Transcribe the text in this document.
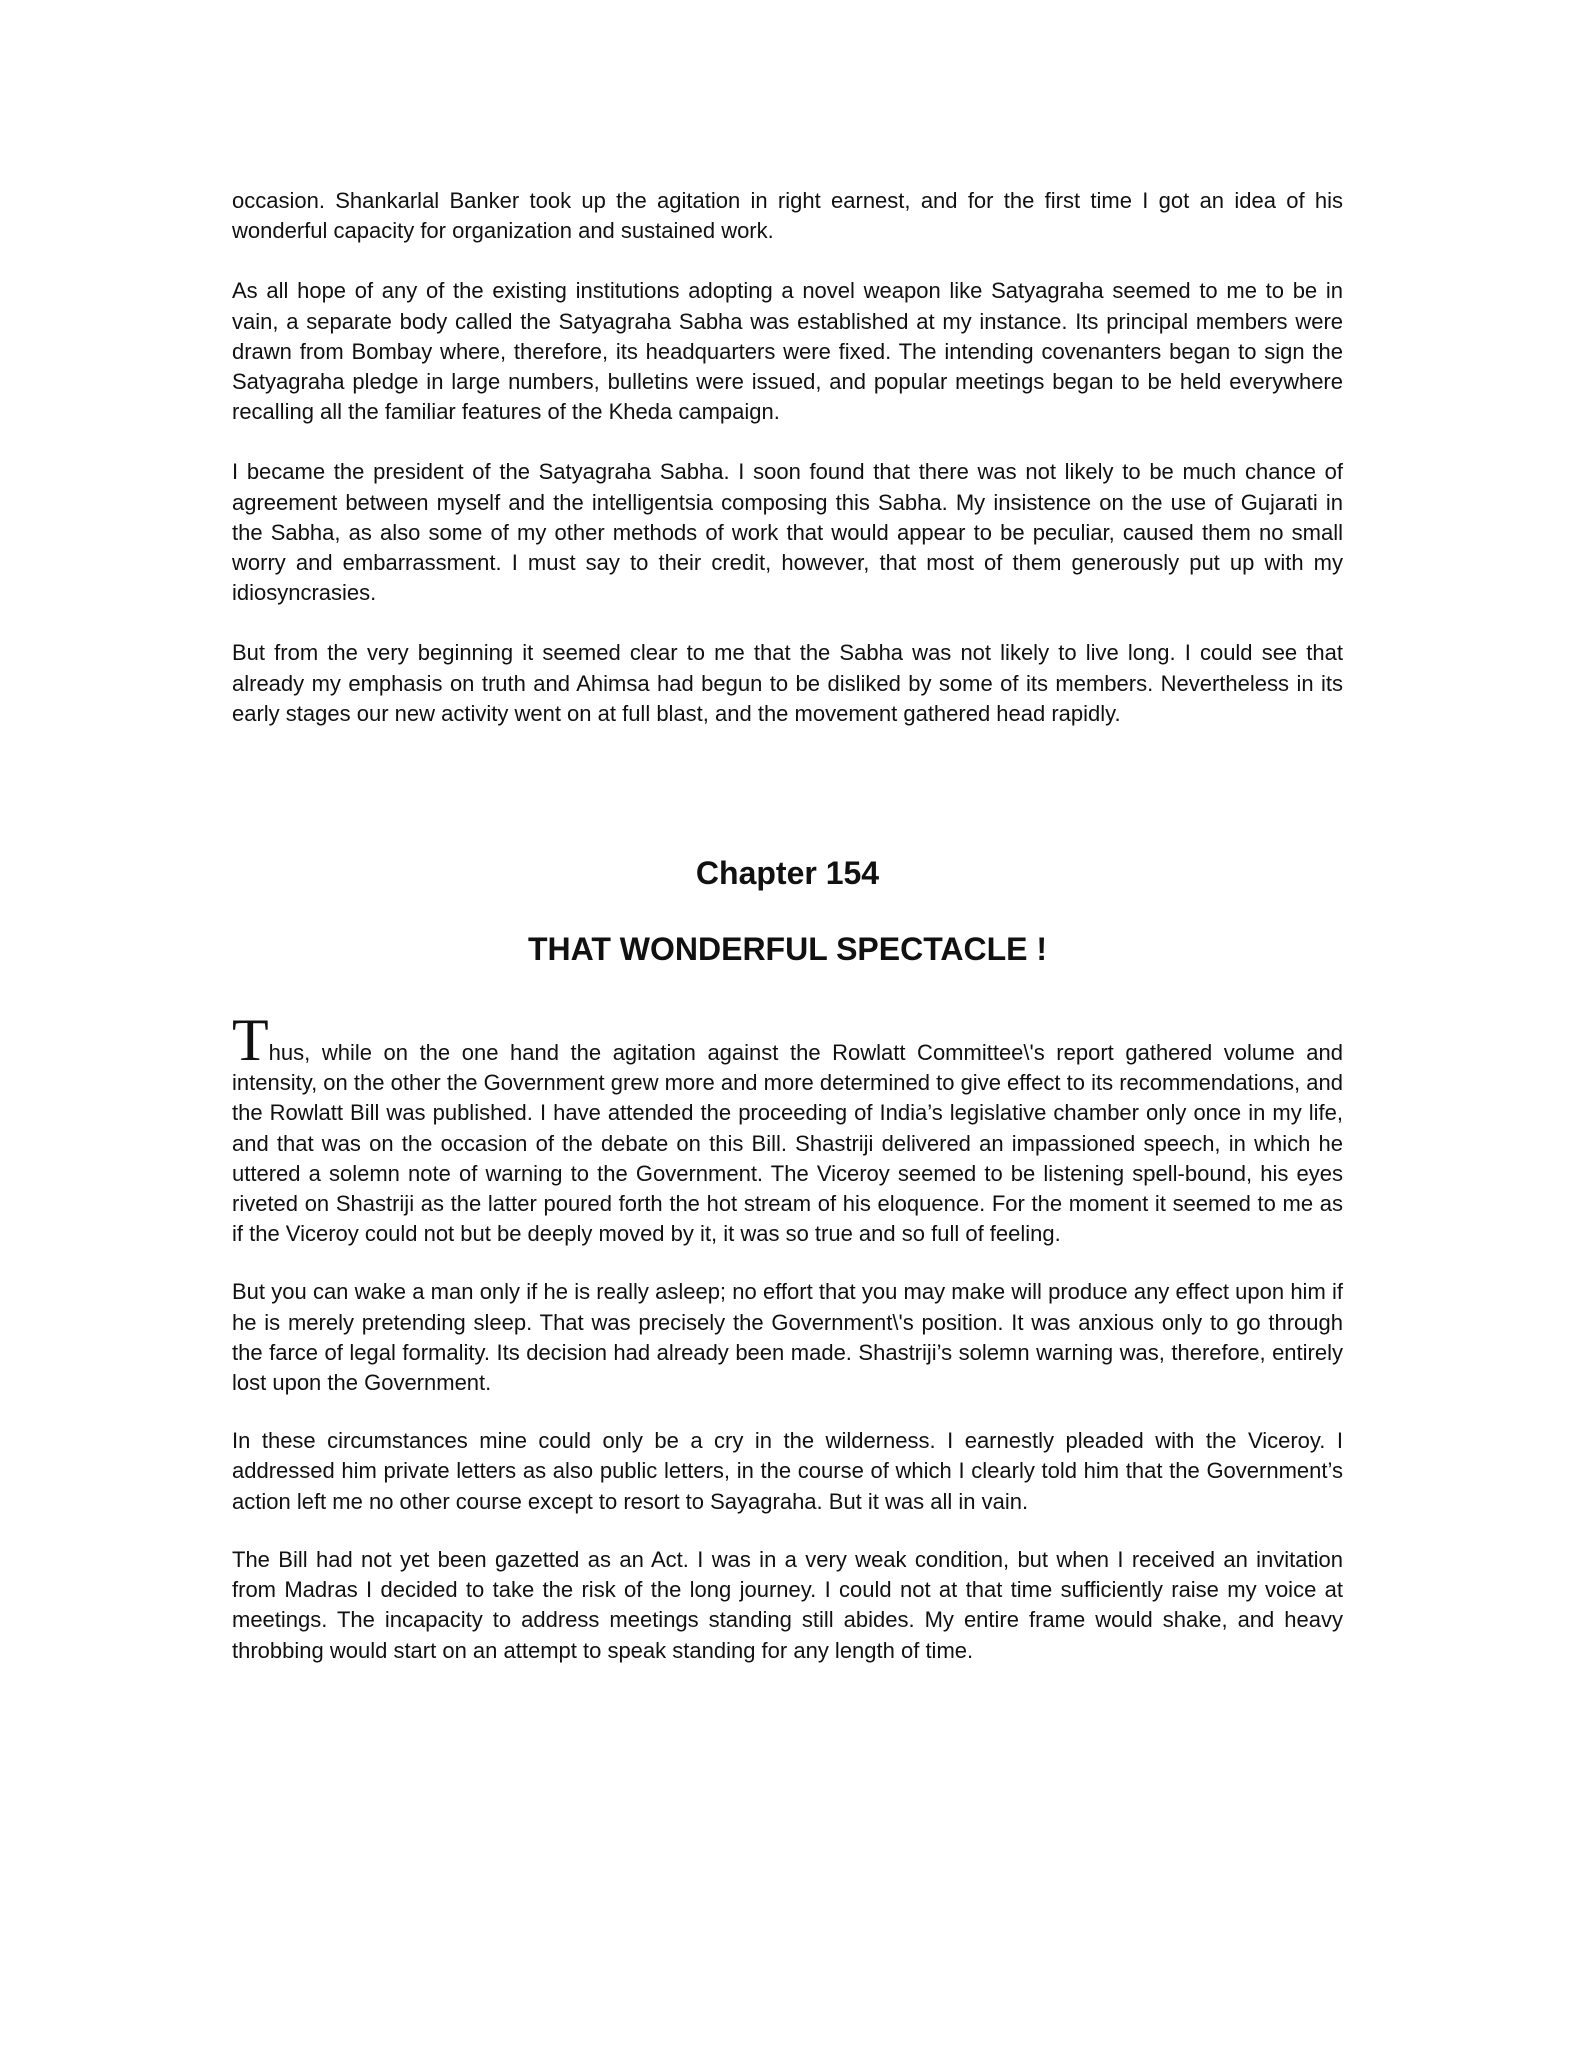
occasion. Shankarlal Banker took up the agitation in right earnest, and for the first time I got an idea of his wonderful capacity for organization and sustained work.

As all hope of any of the existing institutions adopting a novel weapon like Satyagraha seemed to me to be in vain, a separate body called the Satyagraha Sabha was established at my instance. Its principal members were drawn from Bombay where, therefore, its headquarters were fixed. The intending covenanters began to sign the Satyagraha pledge in large numbers, bulletins were issued, and popular meetings began to be held everywhere recalling all the familiar features of the Kheda campaign.

I became the president of the Satyagraha Sabha. I soon found that there was not likely to be much chance of agreement between myself and the intelligentsia composing this Sabha. My insistence on the use of Gujarati in the Sabha, as also some of my other methods of work that would appear to be peculiar, caused them no small worry and embarrassment. I must say to their credit, however, that most of them generously put up with my idiosyncrasies.

But from the very beginning it seemed clear to me that the Sabha was not likely to live long. I could see that already my emphasis on truth and Ahimsa had begun to be disliked by some of its members. Nevertheless in its early stages our new activity went on at full blast, and the movement gathered head rapidly.

Chapter 154
THAT WONDERFUL SPECTACLE !

Thus, while on the one hand the agitation against the Rowlatt Committee\'s report gathered volume and intensity, on the other the Government grew more and more determined to give effect to its recommendations, and the Rowlatt Bill was published. I have attended the proceeding of India’s legislative chamber only once in my life, and that was on the occasion of the debate on this Bill. Shastriji delivered an impassioned speech, in which he uttered a solemn note of warning to the Government. The Viceroy seemed to be listening spell-bound, his eyes riveted on Shastriji as the latter poured forth the hot stream of his eloquence. For the moment it seemed to me as if the Viceroy could not but be deeply moved by it, it was so true and so full of feeling.

But you can wake a man only if he is really asleep; no effort that you may make will produce any effect upon him if he is merely pretending sleep. That was precisely the Government\'s position. It was anxious only to go through the farce of legal formality. Its decision had already been made. Shastriji’s solemn warning was, therefore, entirely lost upon the Government.

In these circumstances mine could only be a cry in the wilderness. I earnestly pleaded with the Viceroy. I addressed him private letters as also public letters, in the course of which I clearly told him that the Government’s action left me no other course except to resort to Sayagraha. But it was all in vain.

The Bill had not yet been gazetted as an Act. I was in a very weak condition, but when I received an invitation from Madras I decided to take the risk of the long journey. I could not at that time sufficiently raise my voice at meetings. The incapacity to address meetings standing still abides. My entire frame would shake, and heavy throbbing would start on an attempt to speak standing for any length of time.
